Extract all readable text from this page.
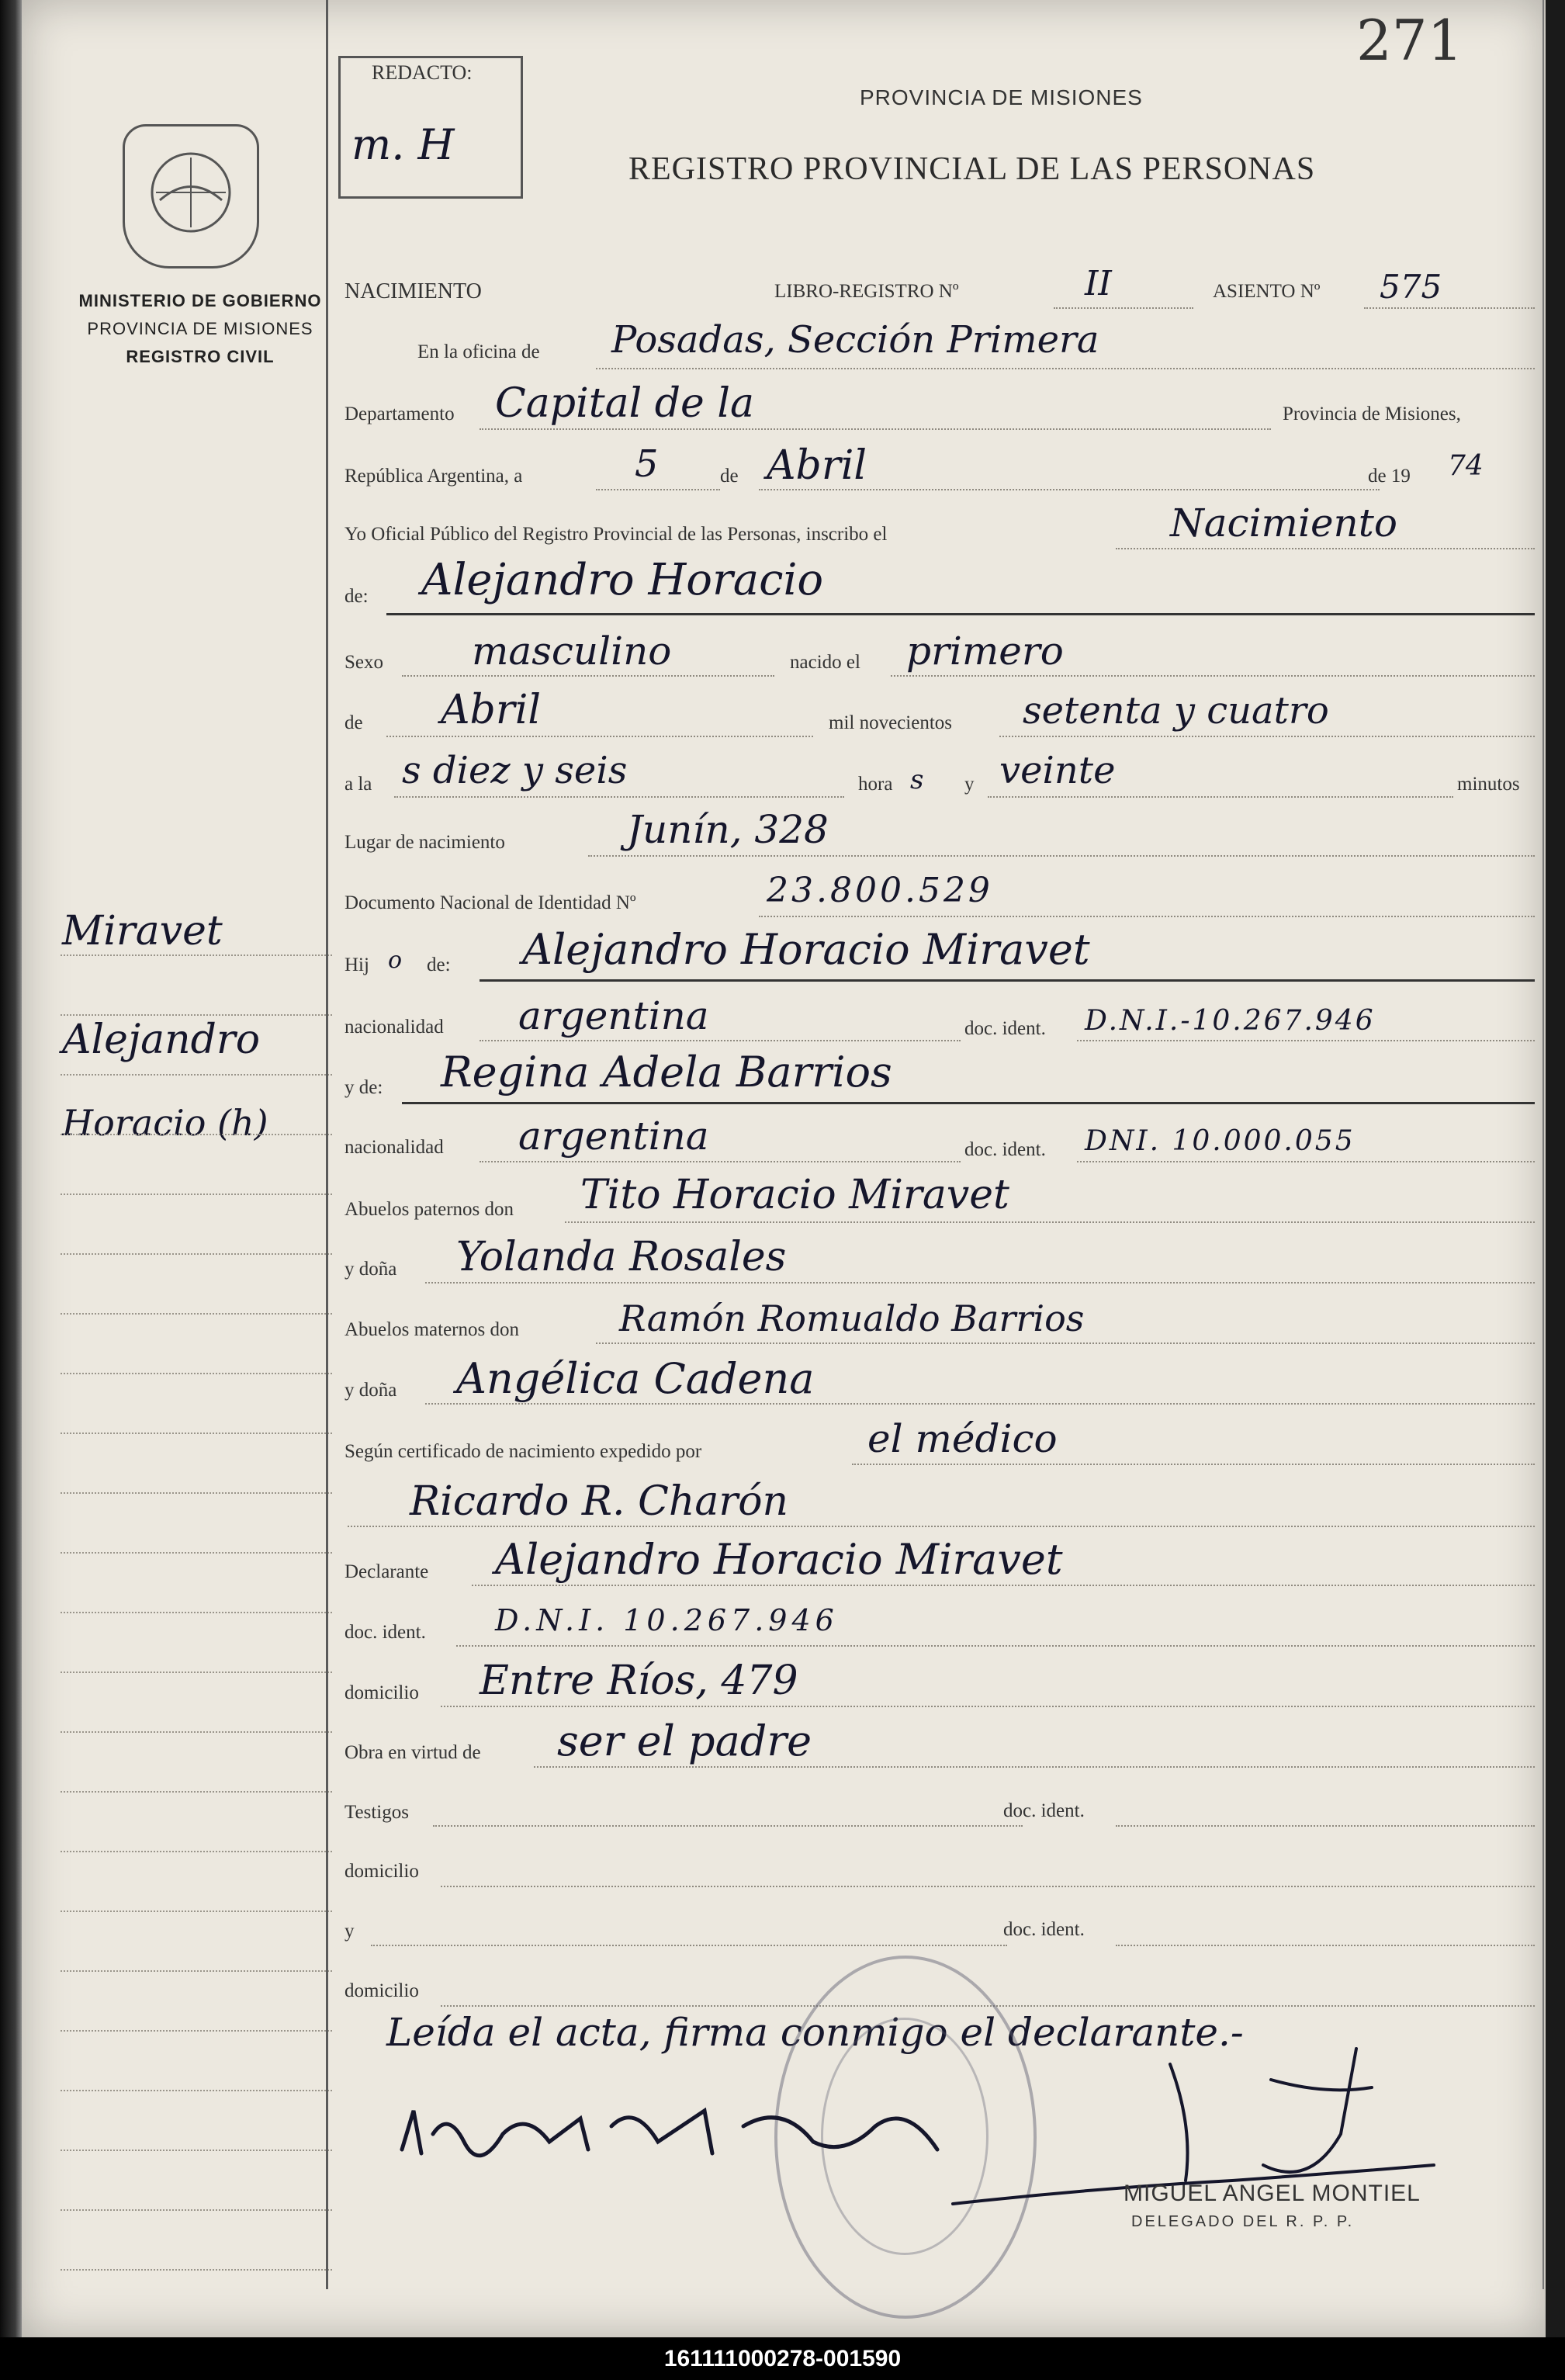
MINISTERIO DE GOBIERNO
PROVINCIA DE MISIONES
REGISTRO CIVIL
Miravet
Alejandro
Horacio (h)
271
REDACTO:
m. H
PROVINCIA DE MISIONES
REGISTRO PROVINCIAL DE LAS PERSONAS
NACIMIENTO	LIBRO-REGISTRO Nº	II	ASIENTO Nº 575
En la oficina de Posadas, Sección Primera
Departamento Capital de la	Provincia de Misiones,
República Argentina, a	5	de Abril	de 19 74
Yo Oficial Público del Registro Provincial de las Personas, inscribo el	Nacimiento
de: Alejandro Horacio
Sexo masculino	nacido el primero
de Abril	mil novecientos setenta y cuatro
a la s diez y seis	hora s y veinte	minutos
Lugar de nacimiento	Junín, 328
Documento Nacional de Identidad Nº	23.800.529
Hij o de: Alejandro Horacio Miravet
nacionalidad argentina	doc. ident. D.N.I.-10.267.946
y de: Regina Adela Barrios
nacionalidad argentina	doc. ident. DNI. 10.000.055
Abuelos paternos don Tito Horacio Miravet
y doña Yolanda Rosales
Abuelos maternos don	Ramón Romualdo Barrios
y doña Angélica Cadena
Según certificado de nacimiento expedido por	el médico
Ricardo R. Charón
Declarante Alejandro Horacio Miravet
doc. ident. D.N.I. 10.267.946
domicilio Entre Ríos, 479
Obra en virtud de ser el padre
Testigos	doc. ident.
domicilio
y	doc. ident.
domicilio
Leída el acta, firma conmigo el declarante.-
MIGUEL ANGEL MONTIEL
DELEGADO DEL R. P. P.
161111000278-001590
